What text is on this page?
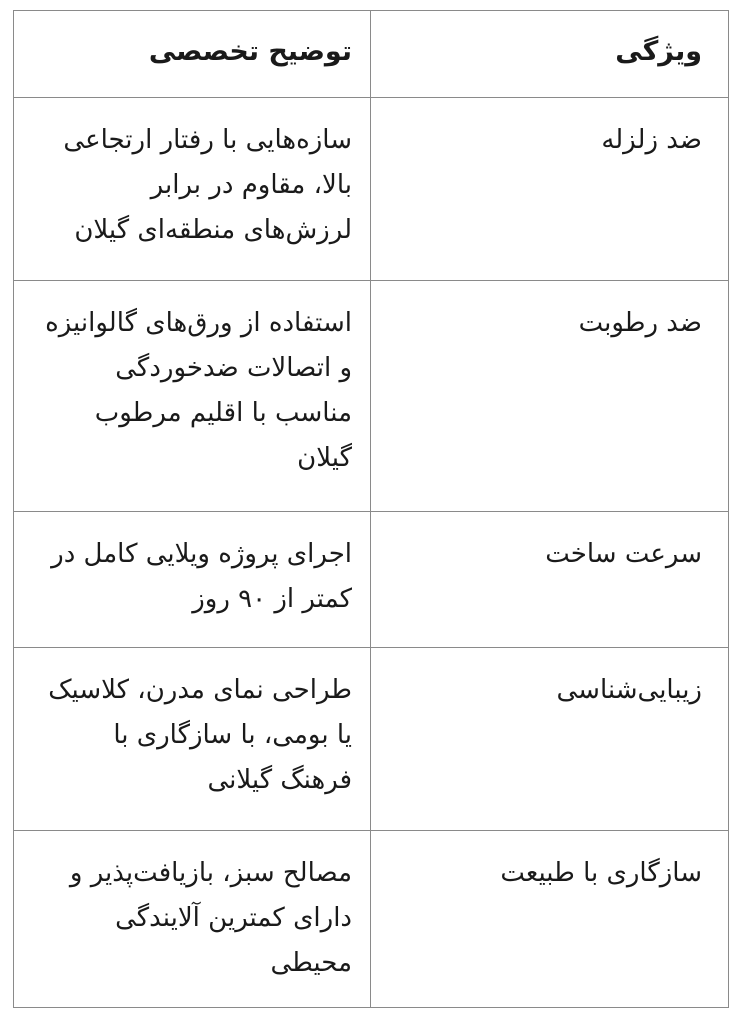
توضیح تخصصی	ویژگی
سازه‌هایی با رفتار ارتجاعی بالا، مقاوم در برابر لرزش‌های منطقه‌ای گیلان
ضد زلزله
استفاده از ورق‌های گالوانیزه و اتصالات ضدخوردگی مناسب با اقلیم مرطوب گیلان
ضد رطوبت
اجرای پروژه ویلایی کامل در کمتر از ۹۰ روز
سرعت ساخت
طراحی نمای مدرن، کلاسیک یا بومی، با سازگاری با فرهنگ گیلانی
زیبایی‌شناسی
مصالح سبز، بازیافت‌پذیر و دارای کمترین آلایندگی محیطی
سازگاری با طبیعت
